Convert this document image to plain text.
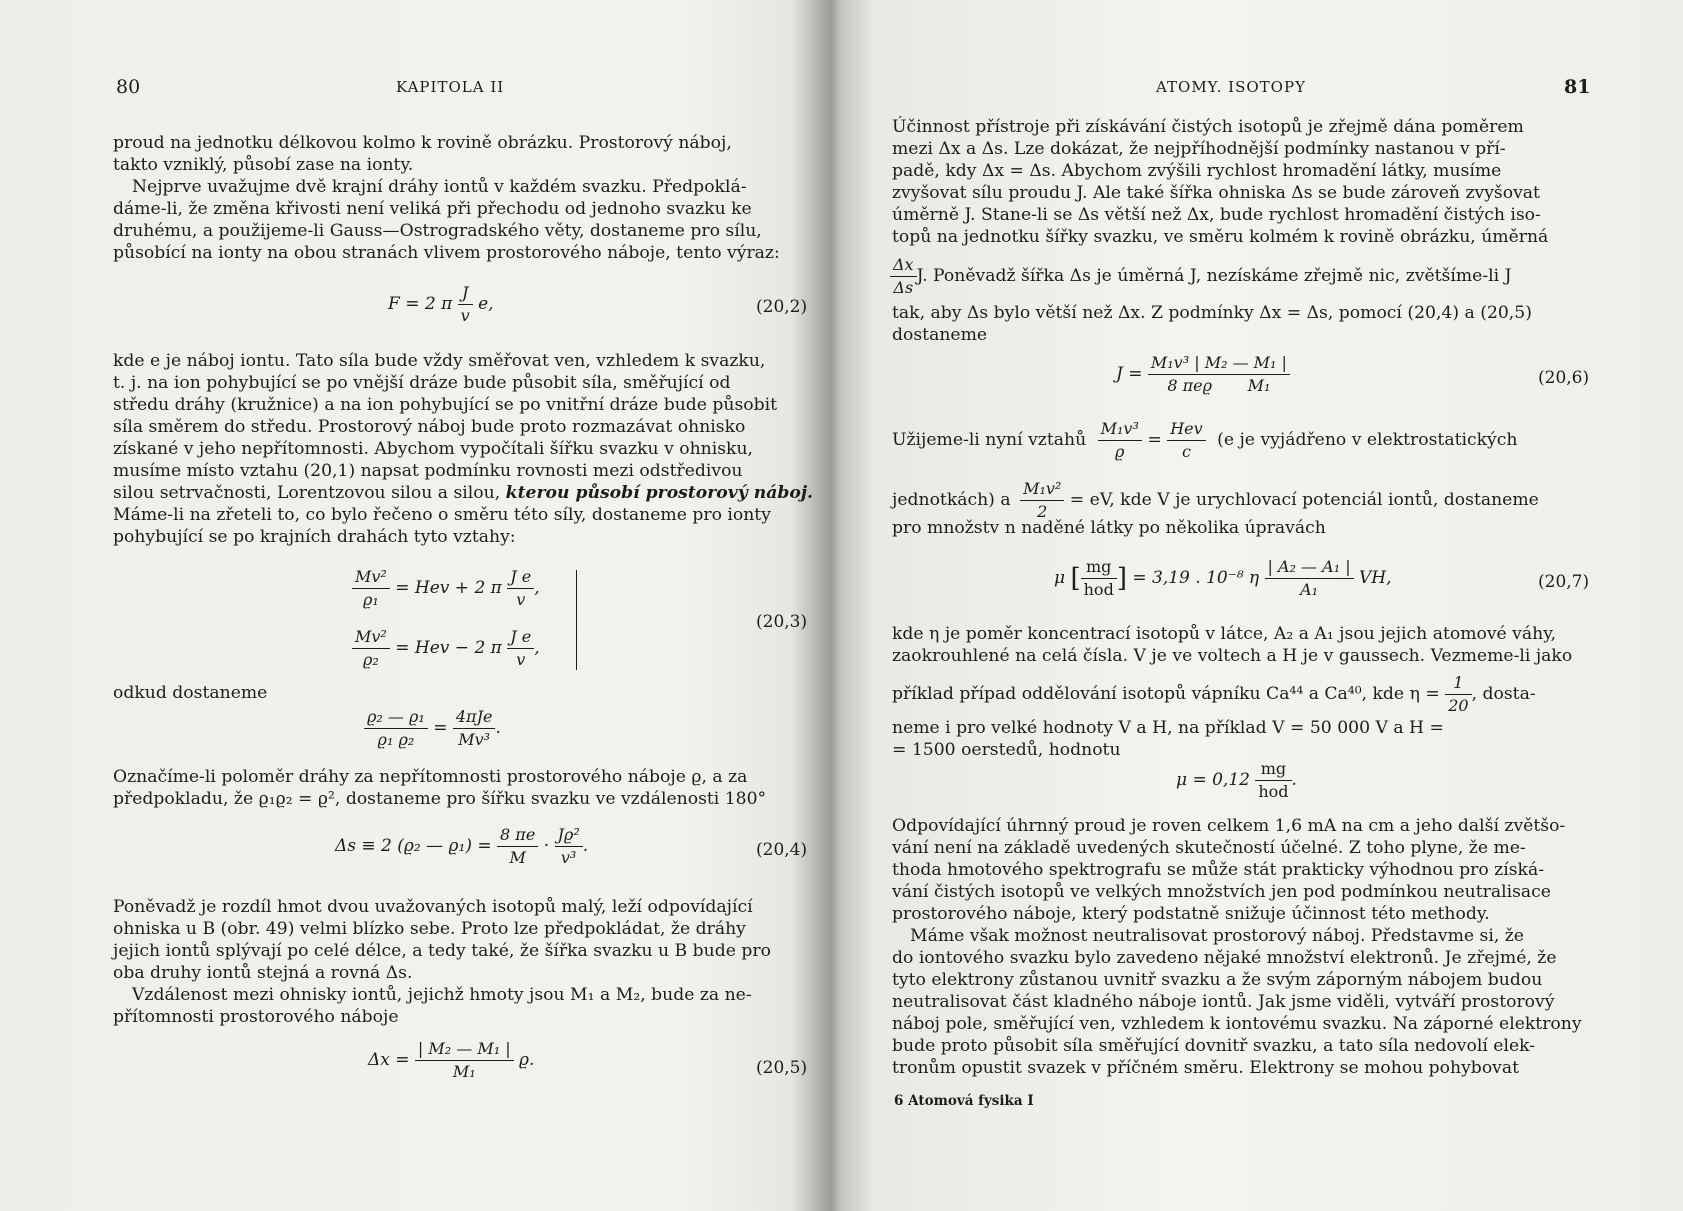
80	KAPITOLA II
proud na jednotku délkovou kolmo k rovině obrázku. Prostorový náboj,
takto vzniklý, působí zase na ionty.
Nejprve uvažujme dvě krajní dráhy iontů v každém svazku. Předpoklá-
dáme-li, že změna křivosti není veliká při přechodu od jednoho svazku ke
druhému, a použijeme-li Gauss—Ostrogradského věty, dostaneme pro sílu,
působící na ionty na obou stranách vlivem prostorového náboje, tento výraz:
F = 2 π $\frac{J}{v} e$,	(20,2)
kde e je náboj iontu. Tato síla bude vždy směřovat ven, vzhledem k svazku,
t. j. na ion pohybující se po vnější dráze bude působit síla, směřující od
středu dráhy (kružnice) a na ion pohybující se po vnitřní dráze bude působit
síla směrem do středu. Prostorový náboj bude proto rozmazávat ohnisko
získané v jeho nepřítomnosti. Abychom vypočítali šířku svazku v ohnisku,
musíme místo vztahu (20,1) napsat podmínku rovnosti mezi odstředivou
silou setrvačnosti, Lorentzovou silou a silou, kterou působí prostorový náboj.
Máme-li na zřeteli to, co bylo řečeno o směru této síly, dostaneme pro ionty
pohybující se po krajních drahách tyto vztahy:
$\frac{\text{Mv²}}{\text{ϱ₁}}$ = Hev + 2 π $\frac{\text{J e}}{v}$ ,
$\frac{\text{Mv²}}{\text{ϱ₂}}$ = Hev − 2 π $\frac{\text{J e}}{v}$ ,
(20,3)
odkud dostaneme
$\frac{\text{ϱ₂ — ϱ₁}}{\text{ϱ₁ ϱ₂}} = \frac{\text{4πJe}}{\text{Mv³}}$ .
Označíme-li poloměr dráhy za nepřítomnosti prostorového náboje ϱ, a za
předpokladu, že ϱ₁ϱ₂ = ϱ², dostaneme pro šířku svazku ve vzdálenosti 180°
Δs ≡ 2 (ϱ₂ — $ϱ_1) = \frac{8 \pi e}{M} \cdot \frac{\text{Jϱ²}}{\text{v³}}$ .	(20,4)
Poněvadž je rozdíl hmot dvou uvažovaných isotopů malý, leží odpovídající
ohniska u B (obr. 49) velmi blízko sebe. Proto lze předpokládat, že dráhy
jejich iontů splývají po celé délce, a tedy také, že šířka svazku u B bude pro
oba druhy iontů stejná a rovná Δs.
Vzdálenost mezi ohnisky iontů, jejichž hmoty jsou M₁ a M₂, bude za ne-
přítomnosti prostorového náboje
$\Delta x = \frac{\text{| M₂ — M₁ |}}{\text{M₁}} ϱ$.	(20,5)
ATOMY. ISOTOPY	81
Účinnost přístroje při získávání čistých isotopů je zřejmě dána poměrem
mezi Δx a Δs. Lze dokázat, že nejpříhodnější podmínky nastanou v pří-
padě, kdy Δx = Δs. Abychom zvýšili rychlost hromadění látky, musíme
zvyšovat sílu proudu J. Ale také šířka ohniska Δs se bude zároveň zvyšovat
úměrně J. Stane-li se Δs větší než Δx, bude rychlost hromadění čistých iso-
topů na jednotku šířky svazku, ve směru kolmém k rovině obrázku, úměrná
$\frac{\Delta x}{\Delta s} J$. Poněvadž šířka Δs je úměrná J, nezískáme zřejmě nic, zvětšíme-li J
tak, aby Δs bylo větší než Δx. Z podmínky Δx = Δs, pomocí (20,4) a (20,5)
dostaneme
$J = \frac{\text{M₁v³ | M₂ — M₁ |}}{\text{8 πeϱ       M₁}}$	(20,6)
Užijeme-li nyní vztahů $\frac{\text{M₁v³}}{ϱ} = \frac{\text{Hev}}{c} (e$ je vyjádřeno v elektrostatických
jednotkách) a $\frac{\text{M₁v²}}{2}$ = eV, kde V je urychlovací potenciál iontů, dostaneme
pro množstv n naděné látky po několika úpravách
μ [ $\frac{mg}{\text{hod}}$ ] = 3,19 . 10⁻⁸ η $\frac{\text{| A₂ — A₁ |}}{\text{A₁}}$ VH,	(20,7)
kde η je poměr koncentrací isotopů v látce, A₂ a A₁ jsou jejich atomové váhy,
zaokrouhlené na celá čísla. V je ve voltech a H je v gaussech. Vezmeme-li jako
příklad případ oddělování isotopů vápníku Ca⁴⁴ a Ca⁴⁰, kde $\eta = \frac{1}{20}$ , dosta-
neme i pro velké hodnoty V a H, na příklad V = 50 000 V a H =
= 1500 oerstedů, hodnotu
$\mu = 0,12 \frac{mg}{\text{hod}}$ .
Odpovídající úhrnný proud je roven celkem 1,6 mA na cm a jeho další zvětšo-
vání není na základě uvedených skutečností účelné. Z toho plyne, že me-
thoda hmotového spektrografu se může stát prakticky výhodnou pro získá-
vání čistých isotopů ve velkých množstvích jen pod podmínkou neutralisace
prostorového náboje, který podstatně snižuje účinnost této methody.
Máme však možnost neutralisovat prostorový náboj. Představme si, že
do iontového svazku bylo zavedeno nějaké množství elektronů. Je zřejmé, že
tyto elektrony zůstanou uvnitř svazku a že svým záporným nábojem budou
neutralisovat část kladného náboje iontů. Jak jsme viděli, vytváří prostorový
náboj pole, směřující ven, vzhledem k iontovému svazku. Na záporné elektrony
bude proto působit síla směřující dovnitř svazku, a tato síla nedovolí elek-
tronům opustit svazek v příčném směru. Elektrony se mohou pohybovat
6 Atomová fysika I
